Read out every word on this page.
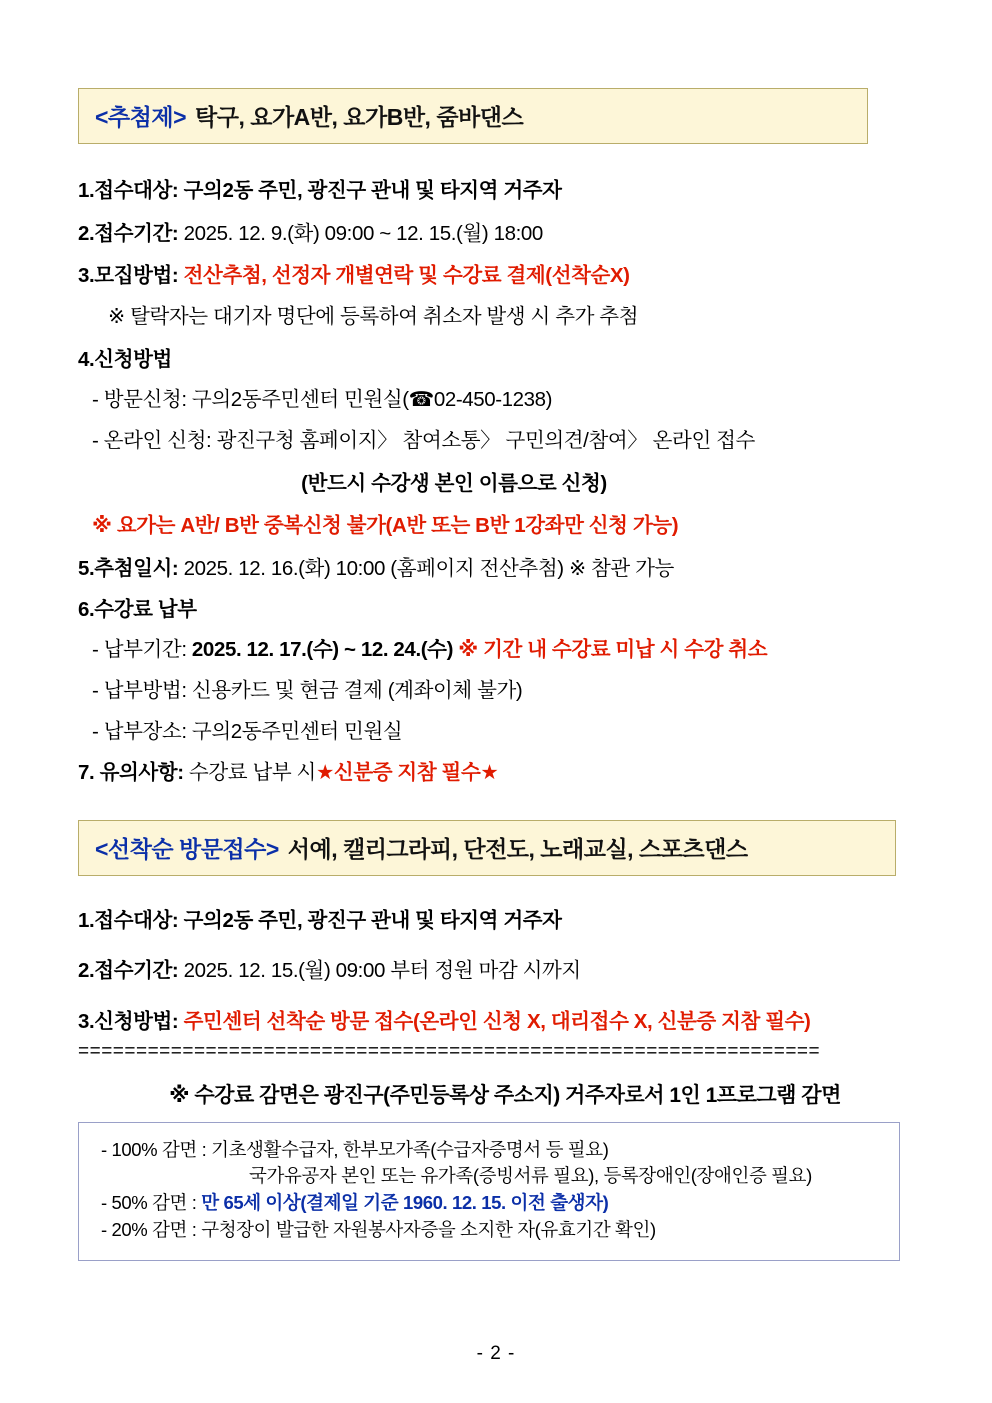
<추첨제> 탁구, 요가A반, 요가B반, 줌바댄스
1.접수대상: 구의2동 주민, 광진구 관내 및 타지역 거주자
2.접수기간: 2025. 12. 9.(화) 09:00 ~ 12. 15.(월) 18:00
3.모집방법: 전산추첨, 선정자 개별연락 및 수강료 결제(선착순X)
※ 탈락자는 대기자 명단에 등록하여 취소자 발생 시 추가 추첨
4.신청방법
- 방문신청: 구의2동주민센터 민원실(☎02-450-1238)
- 온라인 신청: 광진구청 홈페이지〉 참여소통〉 구민의견/참여〉 온라인 접수
(반드시 수강생 본인 이름으로 신청)
※ 요가는 A반/ B반 중복신청 불가(A반 또는 B반 1강좌만 신청 가능)
5.추첨일시: 2025. 12. 16.(화) 10:00 (홈페이지 전산추첨) ※ 참관 가능
6.수강료 납부
- 납부기간: 2025. 12. 17.(수) ~ 12. 24.(수) ※ 기간 내 수강료 미납 시 수강 취소
- 납부방법: 신용카드 및 현금 결제 (계좌이체 불가)
- 납부장소: 구의2동주민센터 민원실
7. 유의사항: 수강료 납부 시★신분증 지참 필수★
<선착순 방문접수> 서예, 캘리그라피, 단전도, 노래교실, 스포츠댄스
1.접수대상: 구의2동 주민, 광진구 관내 및 타지역 거주자
2.접수기간: 2025. 12. 15.(월) 09:00 부터 정원 마감 시까지
3.신청방법: 주민센터 선착순 방문 접수(온라인 신청 X, 대리접수 X, 신분증 지참 필수)
================================================================
※ 수강료 감면은 광진구(주민등록상 주소지) 거주자로서 1인 1프로그램 감면
- 100% 감면 : 기초생활수급자, 한부모가족(수급자증명서 등 필요)
국가유공자 본인 또는 유가족(증빙서류 필요), 등록장애인(장애인증 필요)
- 50% 감면 : 만 65세 이상(결제일 기준 1960. 12. 15. 이전 출생자)
- 20% 감면 : 구청장이 발급한 자원봉사자증을 소지한 자(유효기간 확인)
- 2 -
